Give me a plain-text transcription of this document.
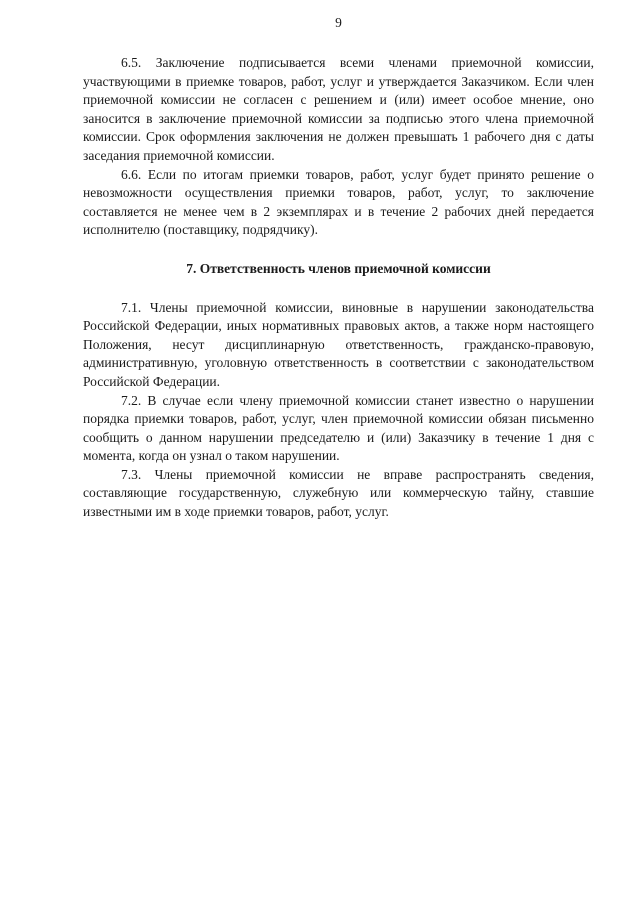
9

6.5. Заключение подписывается всеми членами приемочной комиссии, участвующими в приемке товаров, работ, услуг и утверждается Заказчиком. Если член приемочной комиссии не согласен с решением и (или) имеет особое мнение, оно заносится в заключение приемочной комиссии за подписью этого члена приемочной комиссии. Срок оформления заключения не должен превышать 1 рабочего дня с даты заседания приемочной комиссии.

6.6. Если по итогам приемки товаров, работ, услуг будет принято решение о невозможности осуществления приемки товаров, работ, услуг, то заключение составляется не менее чем в 2 экземплярах и в течение 2 рабочих дней передается исполнителю (поставщику, подрядчику).

7. Ответственность членов приемочной комиссии

7.1. Члены приемочной комиссии, виновные в нарушении законодательства Российской Федерации, иных нормативных правовых актов, а также норм настоящего Положения, несут дисциплинарную ответственность, гражданско-правовую, административную, уголовную ответственность в соответствии с законодательством Российской Федерации.

7.2. В случае если члену приемочной комиссии станет известно о нарушении порядка приемки товаров, работ, услуг, член приемочной комиссии обязан письменно сообщить о данном нарушении председателю и (или) Заказчику в течение 1 дня с момента, когда он узнал о таком нарушении.

7.3. Члены приемочной комиссии не вправе распространять сведения, составляющие государственную, служебную или коммерческую тайну, ставшие известными им в ходе приемки товаров, работ, услуг.
